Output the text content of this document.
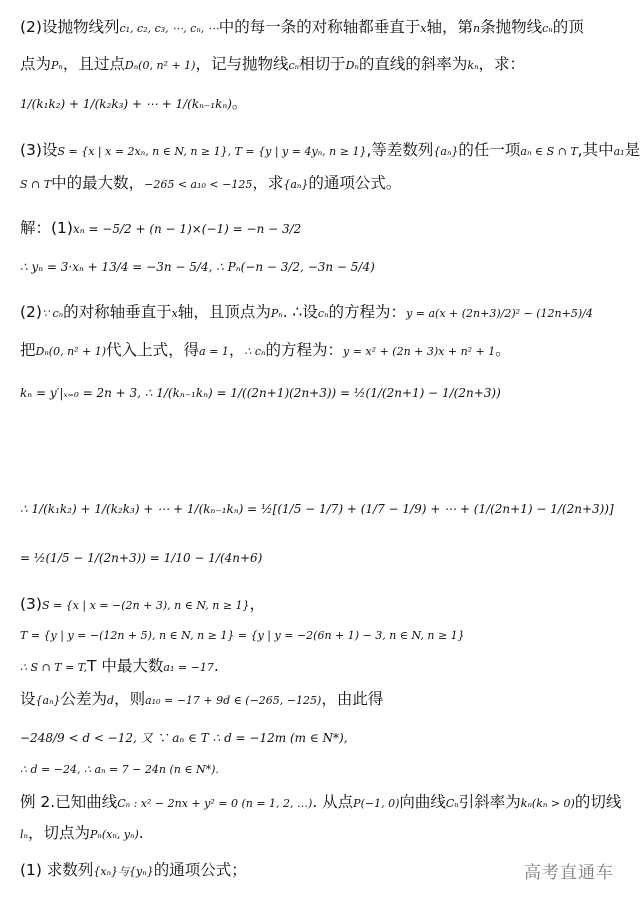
(2)设抛物线列c₁, c₂, c₃, ⋯, cₙ, ⋯中的每一条的对称轴都垂直于x轴，第n条抛物线cₙ的顶
点为Pₙ，且过点Dₙ(0, n² + 1)，记与抛物线cₙ相切于Dₙ的直线的斜率为kₙ，求：
1/(k₁k₂) + 1/(k₂k₃) + ⋯ + 1/(kₙ₋₁kₙ)。
(3)设S = {x | x = 2xₙ, n ∈ N, n ≥ 1}, T = {y | y = 4yₙ, n ≥ 1},等差数列{aₙ}的任一项aₙ ∈ S ∩ T,其中a₁是
S ∩ T中的最大数，−265 < a₁₀ < −125，求{aₙ}的通项公式。
解：(1)xₙ = −5/2 + (n − 1)×(−1) = −n − 3/2
∴ yₙ = 3·xₙ + 13/4 = −3n − 5/4, ∴ Pₙ(−n − 3/2, −3n − 5/4)
(2)∵ cₙ的对称轴垂直于x轴，且顶点为Pₙ. ∴设cₙ的方程为：y = a(x + (2n+3)/2)² − (12n+5)/4
把Dₙ(0, n² + 1)代入上式，得a = 1，∴ cₙ的方程为：y = x² + (2n + 3)x + n² + 1。
kₙ = y′|ₓ₌₀ = 2n + 3, ∴ 1/(kₙ₋₁kₙ) = 1/((2n+1)(2n+3)) = ½(1/(2n+1) − 1/(2n+3))
∴ 1/(k₁k₂) + 1/(k₂k₃) + ⋯ + 1/(kₙ₋₁kₙ) = ½[(1/5 − 1/7) + (1/7 − 1/9) + ⋯ + (1/(2n+1) − 1/(2n+3))]
= ½(1/5 − 1/(2n+3)) = 1/10 − 1/(4n+6)
(3)S = {x | x = −(2n + 3), n ∈ N, n ≥ 1}，
T = {y | y = −(12n + 5), n ∈ N, n ≥ 1} = {y | y = −2(6n + 1) − 3, n ∈ N, n ≥ 1}
∴ S ∩ T = T,T 中最大数a₁ = −17.
设{aₙ}公差为d，则a₁₀ = −17 + 9d ∈ (−265, −125)，由此得
−248/9 < d < −12, 又 ∵ aₙ ∈ T ∴ d = −12m (m ∈ N*),
∴ d = −24, ∴ aₙ = 7 − 24n (n ∈ N*).
例 2.已知曲线Cₙ : x² − 2nx + y² = 0 (n = 1, 2, …). 从点P(−1, 0)向曲线Cₙ引斜率为kₙ(kₙ > 0)的切线
lₙ，切点为Pₙ(xₙ, yₙ).
(1) 求数列{xₙ}与{yₙ}的通项公式；	高考直通车
